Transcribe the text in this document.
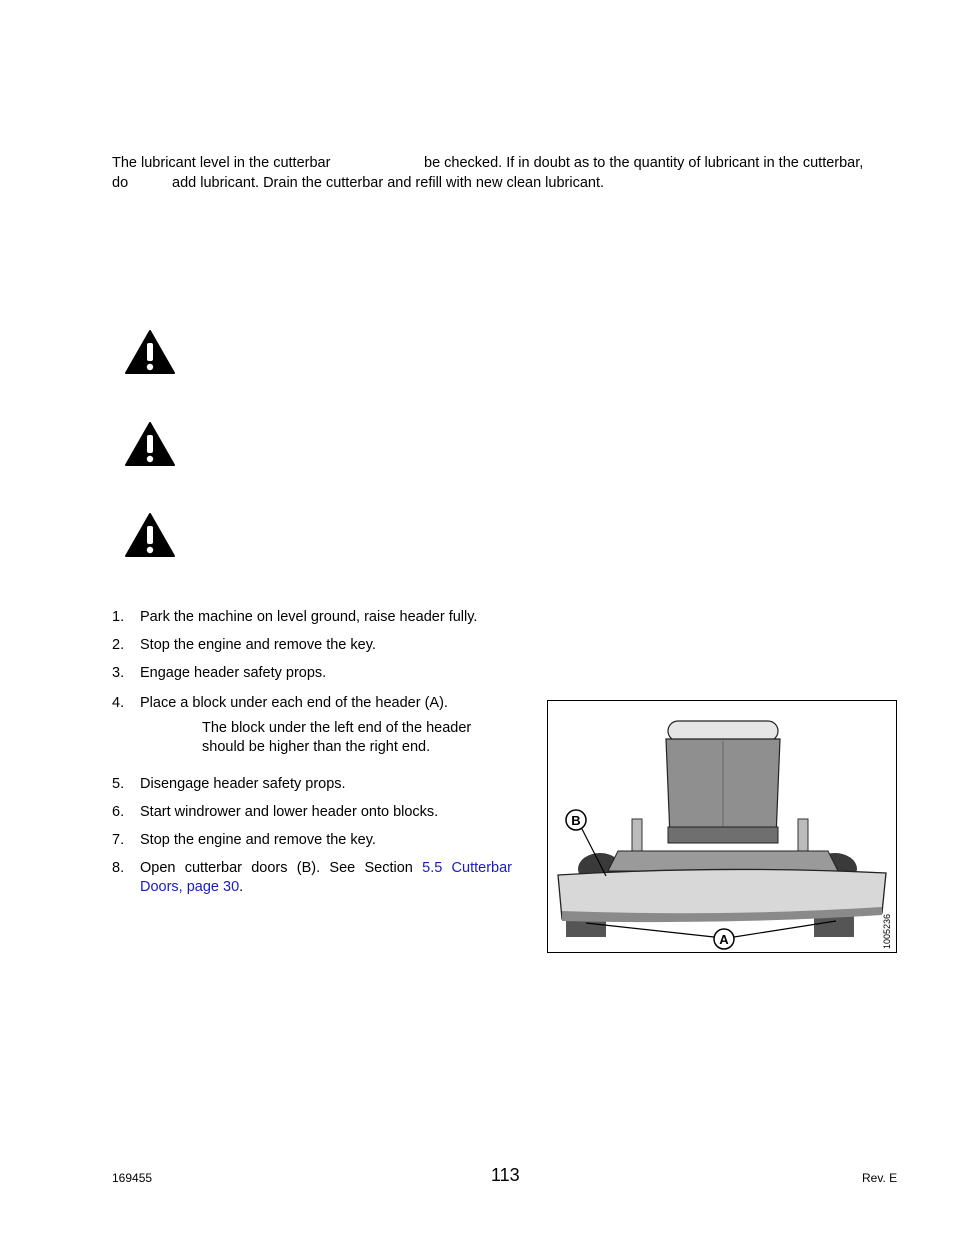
The lubricant level in the cutterbar	be checked. If in doubt as to the quantity of lubricant in the cutterbar,
do	add lubricant. Drain the cutterbar and refill with new clean lubricant.
1. Park the machine on level ground, raise header fully.
2. Stop the engine and remove the key.
3. Engage header safety props.
4. Place a block under each end of the header (A).
5. Disengage header safety props.
6. Start windrower and lower header onto blocks.
7. Stop the engine and remove the key.
8. Open cutterbar doors (B). See Section 5.5 Cutterbar Doors, page 30.
The block under the left end of the header
should be higher than the right end.
B
A	1005236
169455	113	Rev. E
